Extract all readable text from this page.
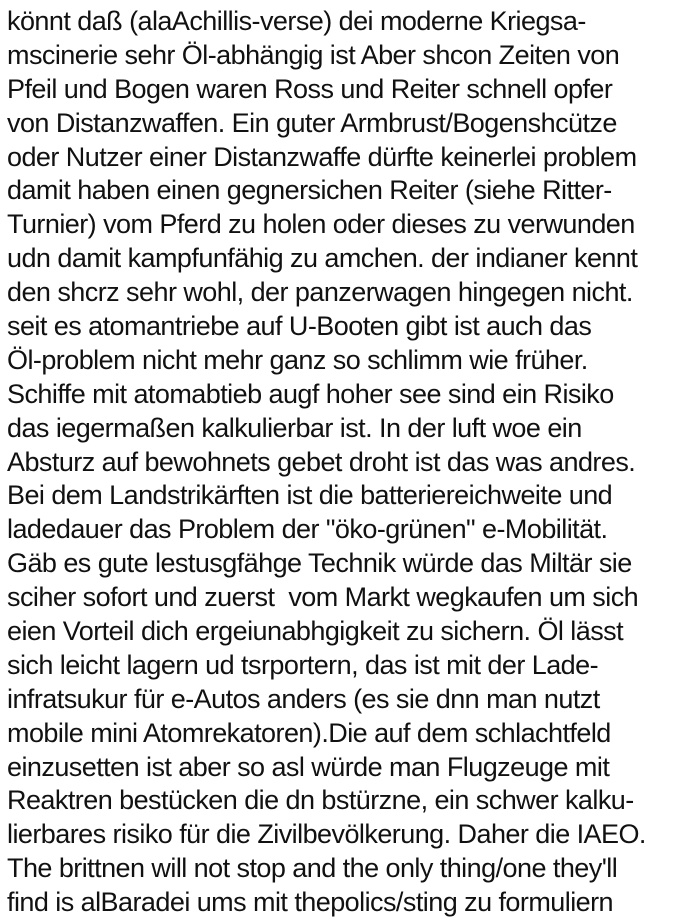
könnt daß (alaAchillis-verse) dei moderne Kriegsa-
mscinerie sehr Öl-abhängig ist Aber shcon Zeiten von
Pfeil und Bogen waren Ross und Reiter schnell opfer
von Distanzwaffen. Ein guter Armbrust/Bogenshcütze
oder Nutzer einer Distanzwaffe dürfte keinerlei problem
damit haben einen gegnersichen Reiter (siehe Ritter-
Turnier) vom Pferd zu holen oder dieses zu verwunden
udn damit kampfunfähig zu amchen. der indianer kennt
den shcrz sehr wohl, der panzerwagen hingegen nicht.
seit es atomantriebe auf U-Booten gibt ist auch das
Öl-problem nicht mehr ganz so schlimm wie früher.
Schiffe mit atomabtieb augf hoher see sind ein Risiko
das iegermaßen kalkulierbar ist. In der luft woe ein
Absturz auf bewohnets gebet droht ist das was andres.
Bei dem Landstrikärften ist die batteriereichweite und
ladedauer das Problem der "öko-grünen" e-Mobilität.
Gäb es gute lestusgfähge Technik würde das Miltär sie
sciher sofort und zuerst  vom Markt wegkaufen um sich
eien Vorteil dich ergeiunabhgigkeit zu sichern. Öl lässt
sich leicht lagern ud tsrportern, das ist mit der Lade-
infratsukur für e-Autos anders (es sie dnn man nutzt
mobile mini Atomrekatoren).Die auf dem schlachtfeld
einzusetten ist aber so asl würde man Flugzeuge mit
Reaktren bestücken die dn bstürzne, ein schwer kalku-
lierbares risiko für die Zivilbevölkerung. Daher die IAEO.
The brittnen will not stop and the only thing/one they'll
find is alBaradei ums mit thepolics/sting zu formuliern
